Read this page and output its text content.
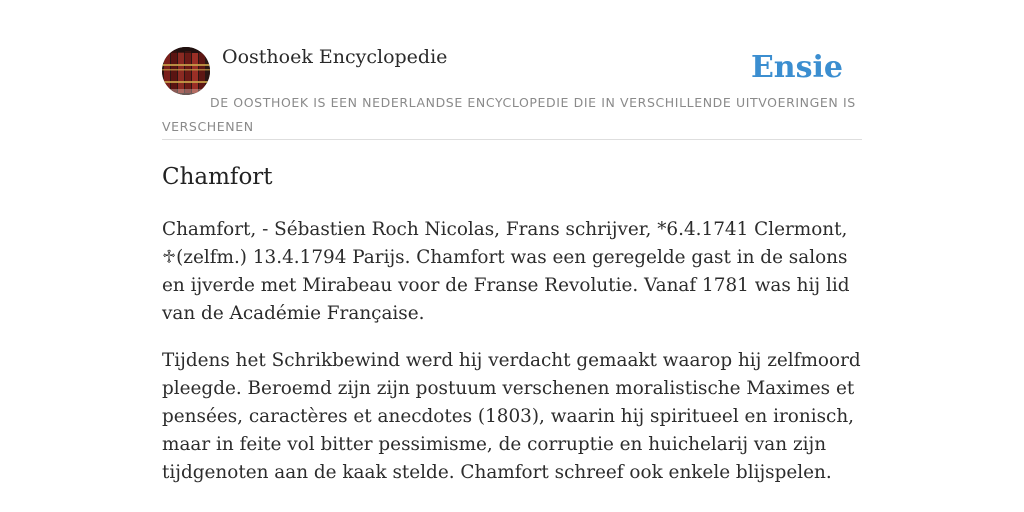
Oosthoek Encyclopedie	Ensie
DE OOSTHOEK IS EEN NEDERLANDSE ENCYCLOPEDIE DIE IN VERSCHILLENDE UITVOERINGEN IS VERSCHENEN
Chamfort

Chamfort, - Sébastien Roch Nicolas, Frans schrijver, *6.4.1741 Clermont, ♱(zelfm.) 13.4.1794 Parijs. Chamfort was een geregelde gast in de salons en ijverde met Mirabeau voor de Franse Revolutie. Vanaf 1781 was hij lid van de Académie Française.

Tijdens het Schrikbewind werd hij verdacht gemaakt waarop hij zelfmoord pleegde. Beroemd zijn zijn postuum verschenen moralistische Maximes et pensées, caractères et anecdotes (1803), waarin hij spiritueel en ironisch, maar in feite vol bitter pessimisme, de corruptie en huichelarij van zijn tijdgenoten aan de kaak stelde. Chamfort schreef ook enkele blijspelen.
